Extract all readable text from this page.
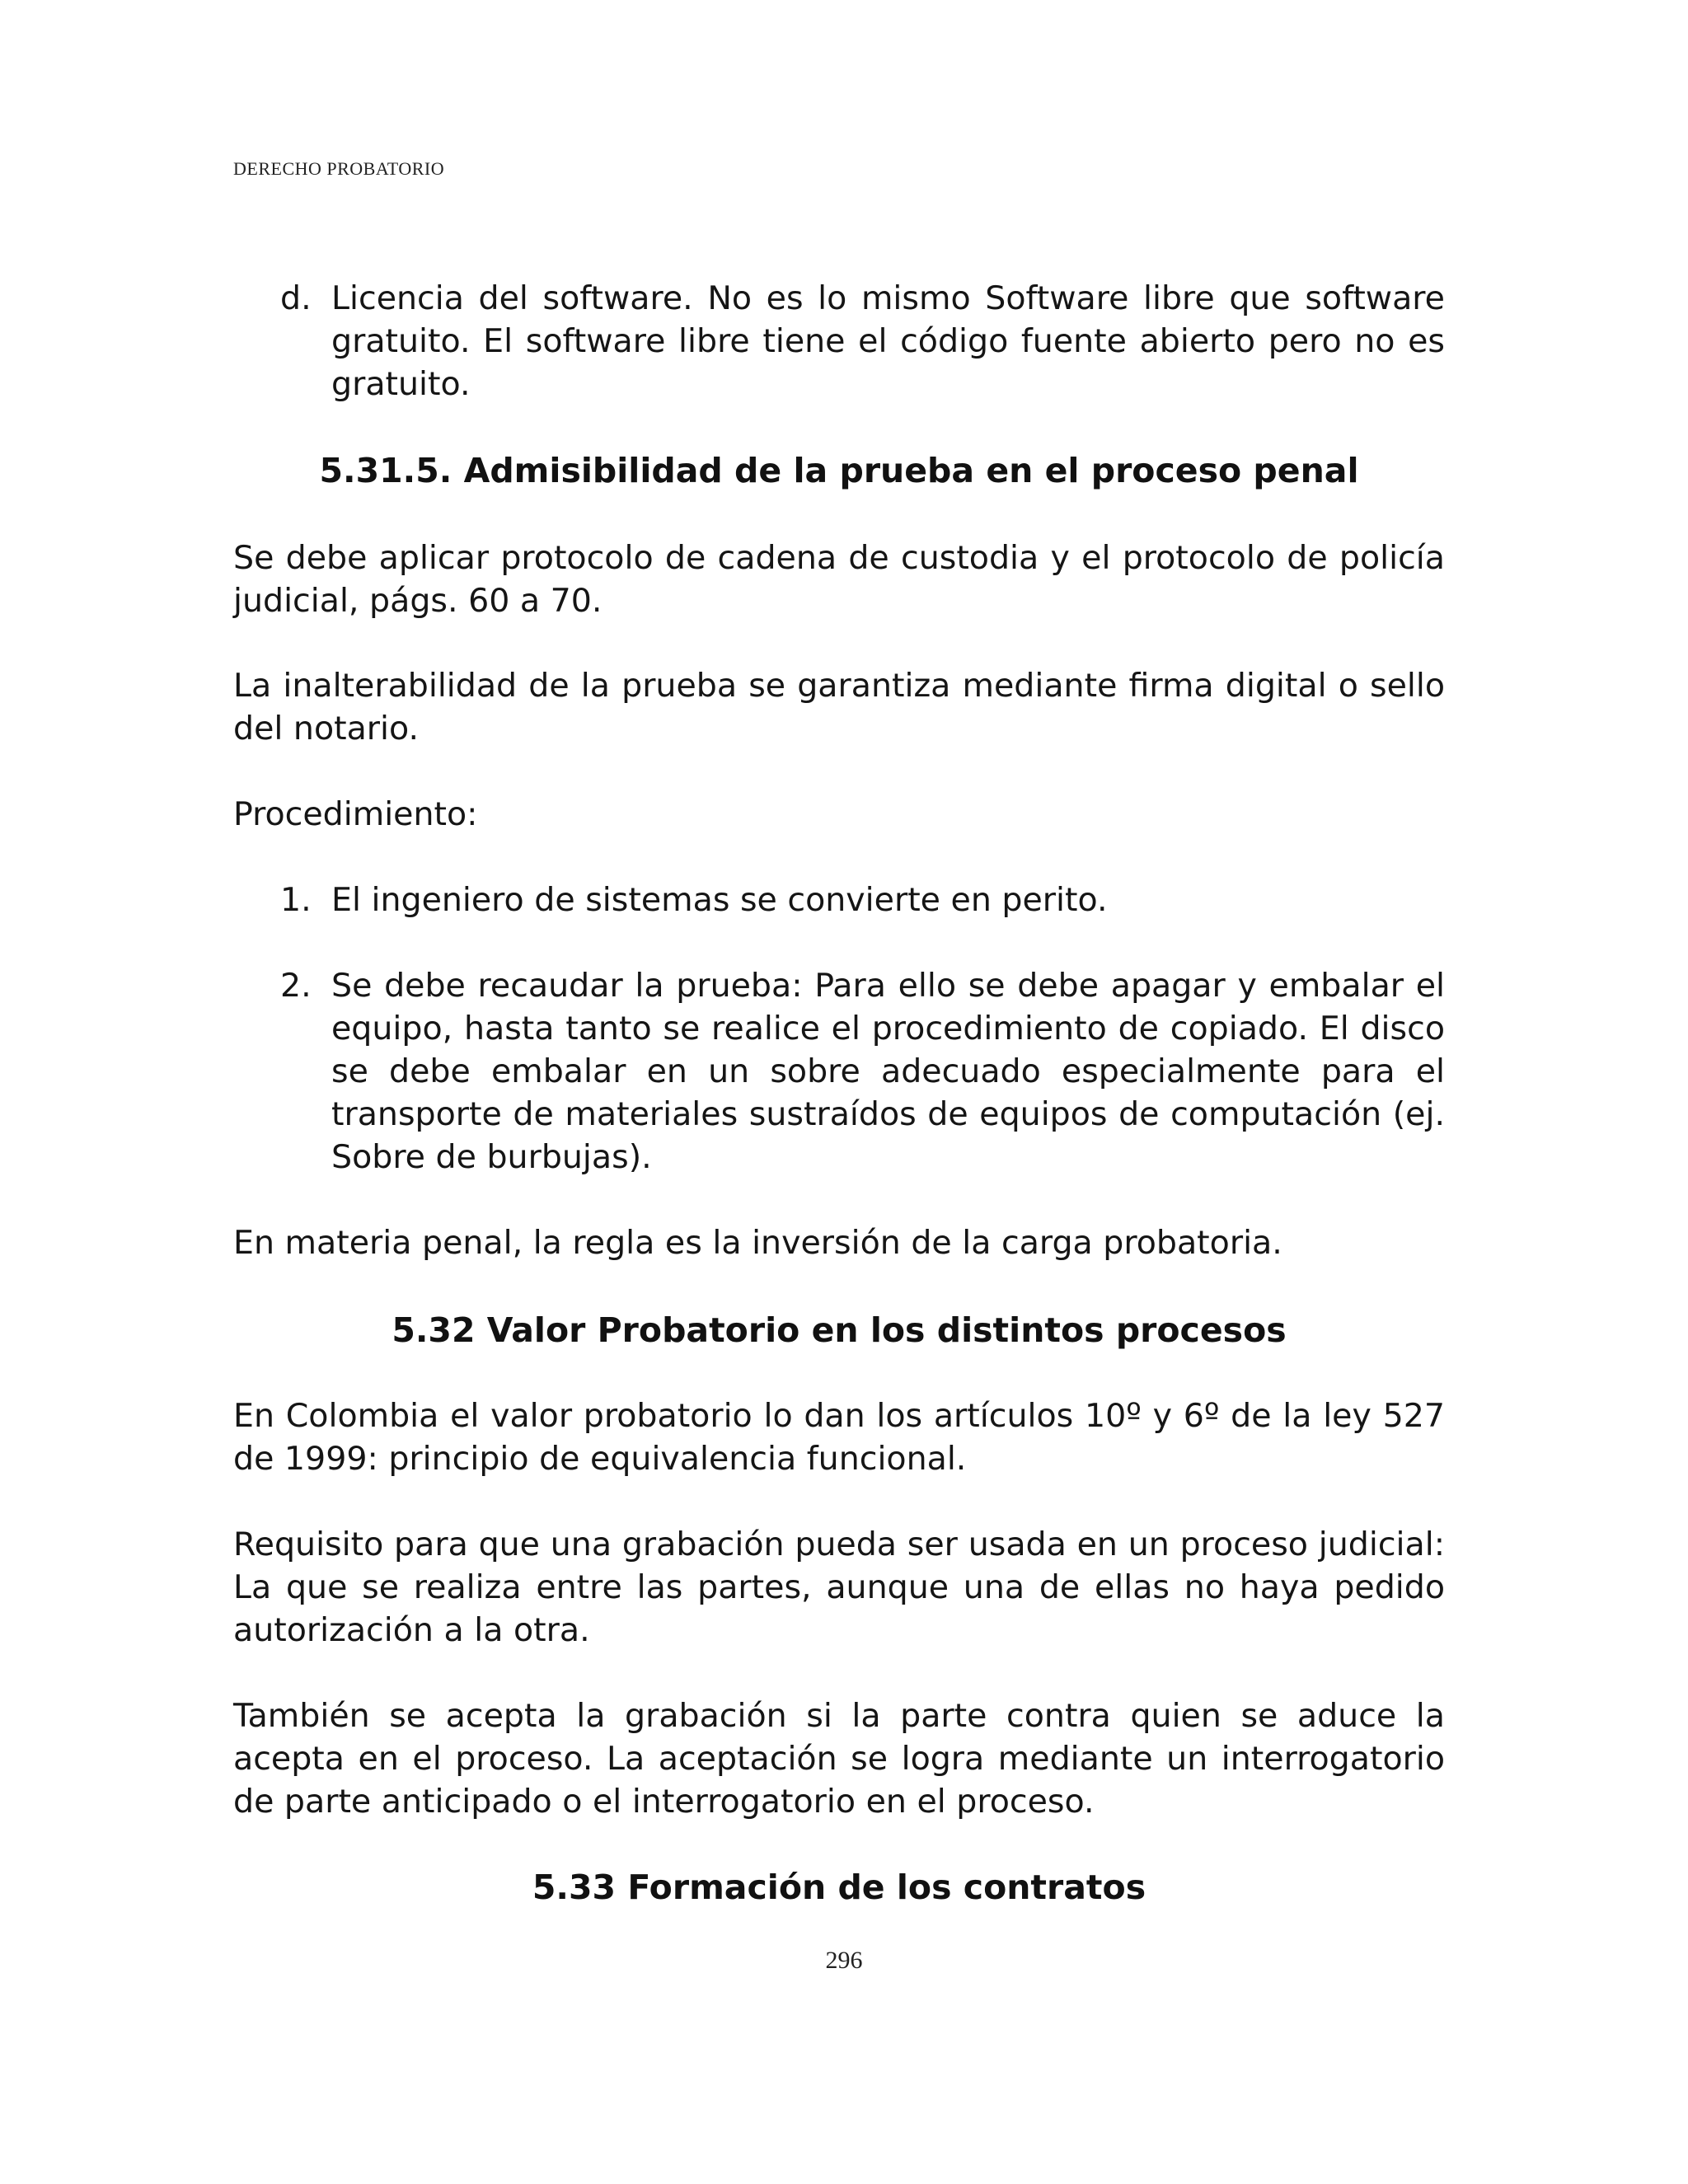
DERECHO PROBATORIO
d. Licencia del software. No es lo mismo Software libre que software gratuito. El software libre tiene el código fuente abierto pero no es gratuito.
5.31.5. Admisibilidad de la prueba en el proceso penal

Se debe aplicar protocolo de cadena de custodia y el protocolo de policía judicial, págs. 60 a 70.

La inalterabilidad de la prueba se garantiza mediante firma digital o sello del notario.

Procedimiento:

1. El ingeniero de sistemas se convierte en perito.
2. Se debe recaudar la prueba: Para ello se debe apagar y embalar el equipo, hasta tanto se realice el procedimiento de copiado. El disco se debe embalar en un sobre adecuado especialmente para el transporte de materiales sustraídos de equipos de computación (ej. Sobre de burbujas).

En materia penal, la regla es la inversión de la carga probatoria.

5.32 Valor Probatorio en los distintos procesos

En Colombia el valor probatorio lo dan los artículos 10º y 6º de la ley 527 de 1999: principio de equivalencia funcional.

Requisito para que una grabación pueda ser usada en un proceso judicial: La que se realiza entre las partes, aunque una de ellas no haya pedido autorización a la otra.

También se acepta la grabación si la parte contra quien se aduce la acepta en el proceso. La aceptación se logra mediante un interrogatorio de parte anticipado o el interrogatorio en el proceso.

5.33 Formación de los contratos
296
